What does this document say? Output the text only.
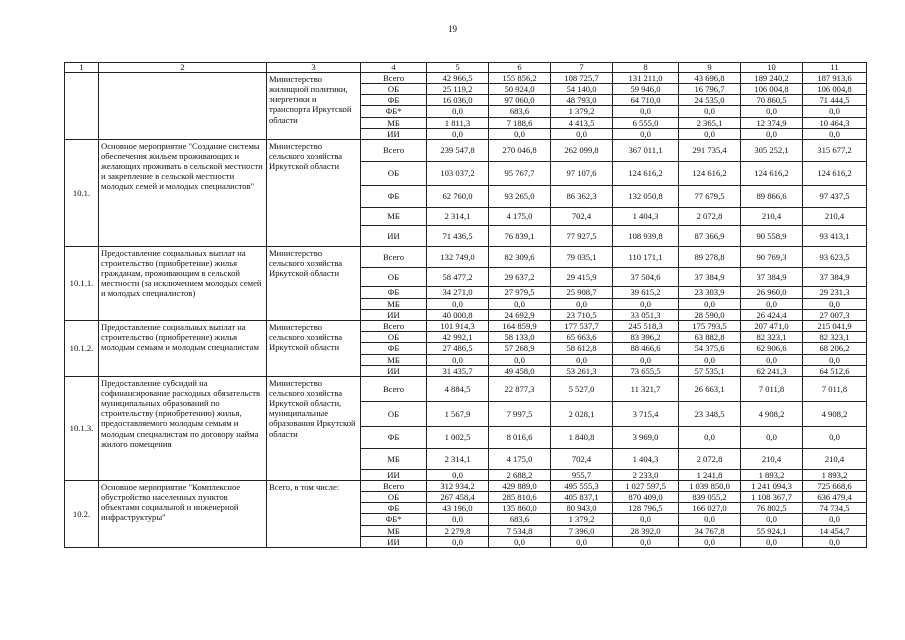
19
1	2	3	4	5	6	7	8	9	10	11
		Министерство жилищной политики, энергетики и транспорта Иркутской области	Всего	42 966,5	155 856,2	108 725,7	131 211,0	43 696,8	189 240,2	187 913,6
			ОБ	25 119,2	50 924,0	54 140,0	59 946,0	16 796,7	106 004,8	106 004,8
			ФБ	16 036,0	97 060,0	48 793,0	64 710,0	24 535,0	70 860,5	71 444,5
			ФБ*	0,0	683,6	1 379,2	0,0	0,0	0,0	0,0
			МБ	1 811,3	7 188,6	4 413,5	6 555,0	2 365,1	12 374,9	10 464,3
			ИИ	0,0	0,0	0,0	0,0	0,0	0,0	0,0
10.1.	Основное мероприятие "Создание системы обеспечения жильем проживающих и желающих проживать в сельской местности и закрепление в сельской местности молодых семей и молодых специалистов"	Министерство сельского хозяйства Иркутской области	Всего	239 547,8	270 046,8	262 099,8	367 011,1	291 735,4	305 252,1	315 677,2
			ОБ	103 037,2	95 767,7	97 107,6	124 616,2	124 616,2	124 616,2	124 616,2
			ФБ	62 760,0	93 265,0	86 362,3	132 050,8	77 679,5	89 866,6	97 437,5
			МБ	2 314,1	4 175,0	702,4	1 404,3	2 072,8	210,4	210,4
			ИИ	71 436,5	76 839,1	77 927,5	108 939,8	87 366,9	90 558,9	93 413,1
10.1.1.	Предоставление социальных выплат на строительство (приобретение) жилья гражданам, проживающим в сельской местности (за исключением молодых семей и молодых специалистов)	Министерство сельского хозяйства Иркутской области	Всего	132 749,0	82 309,6	79 035,1	110 171,1	89 278,8	90 769,3	93 623,5
			ОБ	58 477,2	29 637,2	29 415,9	37 504,6	37 384,9	37 384,9	37 384,9
			ФБ	34 271,0	27 979,5	25 908,7	39 615,2	23 303,9	26 960,0	29 231,3
			МБ	0,0	0,0	0,0	0,0	0,0	0,0	0,0
			ИИ	40 000,8	24 692,9	23 710,5	33 051,3	28 590,0	26 424,4	27 007,3
10.1.2.	Предоставление социальных выплат на строительство (приобретение) жилья молодым семьям и молодым специалистам	Министерство сельского хозяйства Иркутской области	Всего	101 914,3	164 859,9	177 537,7	245 518,3	175 793,5	207 471,0	215 041,9
			ОБ	42 992,1	58 133,0	65 663,6	83 396,2	63 882,8	82 323,1	82 323,1
			ФБ	27 486,5	57 268,9	58 612,8	88 466,6	54 375,6	62 906,6	68 206,2
			МБ	0,0	0,0	0,0	0,0	0,0	0,0	0,0
			ИИ	31 435,7	49 458,0	53 261,3	73 655,5	57 535,1	62 241,3	64 512,6
10.1.3.	Предоставление субсидий на софинансирование расходных обязательств муниципальных образований по строительству (приобретению) жилья, предоставляемого молодым семьям и молодым специалистам по договору найма жилого помещения	Министерство сельского хозяйства Иркутской области, муниципальные образования Иркутской области	Всего	4 884,5	22 877,3	5 527,0	11 321,7	26 663,1	7 011,8	7 011,8
			ОБ	1 567,9	7 997,5	2 028,1	3 715,4	23 348,5	4 908,2	4 908,2
			ФБ	1 002,5	8 016,6	1 840,8	3 969,0	0,0	0,0	0,0
			МБ	2 314,1	4 175,0	702,4	1 404,3	2 072,8	210,4	210,4
			ИИ	0,0	2 688,2	955,7	2 233,0	1 241,8	1 893,2	1 893,2
10.2.	Основное мероприятие "Комплексное обустройство населенных пунктов объектами социальной и инженерной инфраструктуры"	Всего, в том числе:	Всего	312 934,2	429 889,0	495 555,3	1 027 597,5	1 039 850,0	1 241 094,3	725 668,6
			ОБ	267 458,4	285 810,6	405 837,1	870 409,0	839 055,2	1 108 367,7	636 479,4
			ФБ	43 196,0	135 860,0	80 943,0	128 796,5	166 027,0	76 802,5	74 734,5
			ФБ*	0,0	683,6	1 379,2	0,0	0,0	0,0	0,0
			МБ	2 279,8	7 534,8	7 396,0	28 392,0	34 767,8	55 924,1	14 454,7
			ИИ	0,0	0,0	0,0	0,0	0,0	0,0	0,0
